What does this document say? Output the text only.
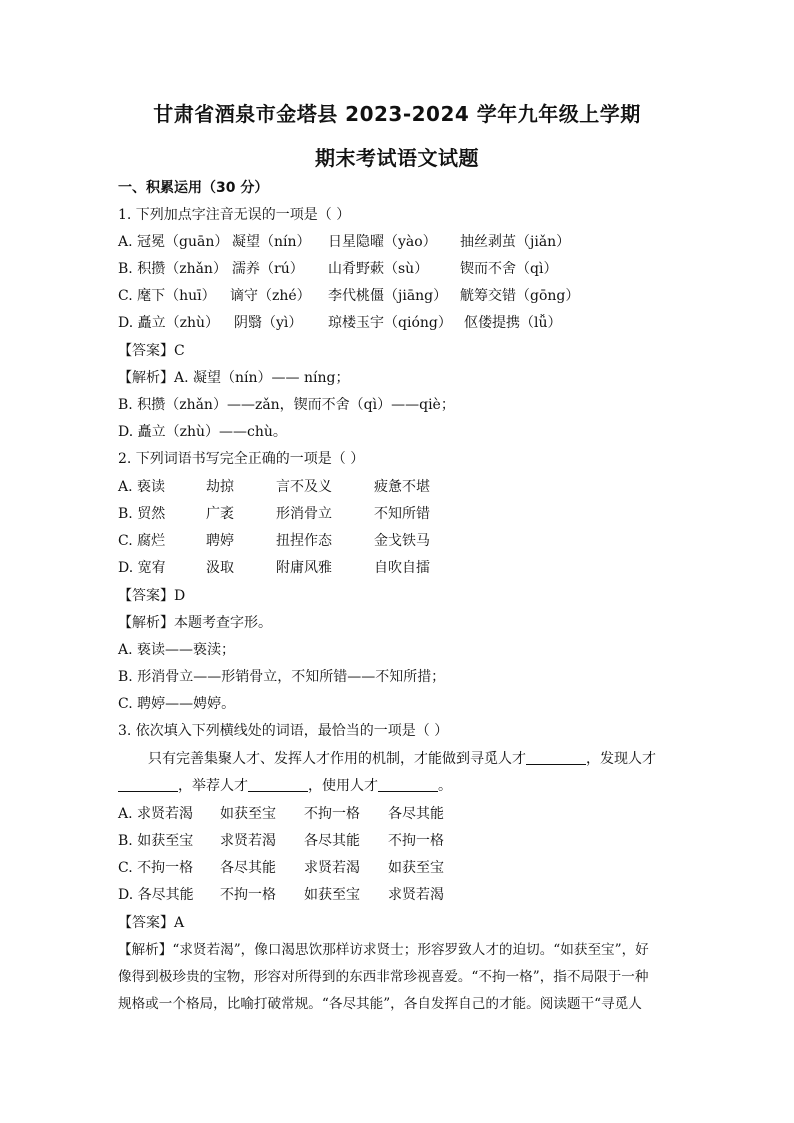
甘肃省酒泉市金塔县 2023-2024 学年九年级上学期
期末考试语文试题
一、积累运用（30 分）
1. 下列加点字注音无误的一项是（ ）
A. 冠冕（guān） 凝望（nín） 日星隐曜（yào） 抽丝剥茧（jiǎn）
B. 积攒（zhǎn） 濡养（rú） 山肴野蔌（sù） 锲而不舍（qì）
C. 麾下（huī） 谪守（zhé） 李代桃僵（jiāng） 觥筹交错（gōng）
D. 矗立（zhù） 阴翳（yì） 琼楼玉宇（qióng） 伛偻提携（lǚ）
【答案】C
【解析】A. 凝望（nín）—— níng；
B. 积攒（zhǎn）——zǎn，锲而不舍（qì）——qiè；
D. 矗立（zhù）——chù。
2. 下列词语书写完全正确的一项是（ ）
A. 亵读	劫掠	言不及义	疲惫不堪
B. 贸然	广袤	形消骨立	不知所错
C. 腐烂	聘婷	扭捏作态	金戈铁马
D. 宽宥	汲取	附庸风雅	自吹自擂
【答案】D
【解析】本题考查字形。
A. 亵读——亵渎；
B. 形消骨立——形销骨立，不知所错——不知所措；
C. 聘婷——娉婷。
3. 依次填入下列横线处的词语，最恰当的一项是（ ）
只有完善集聚人才、发挥人才作用的机制，才能做到寻觅人才	，发现人才
，举荐人才	，使用人才	。
A. 求贤若渴 如获至宝 不拘一格 各尽其能
B. 如获至宝 求贤若渴 各尽其能 不拘一格
C. 不拘一格 各尽其能 求贤若渴 如获至宝
D. 各尽其能 不拘一格 如获至宝 求贤若渴
【答案】A
【解析】“求贤若渴”，像口渴思饮那样访求贤士；形容罗致人才的迫切。“如获至宝”，好
像得到极珍贵的宝物，形容对所得到的东西非常珍视喜爱。“不拘一格”，指不局限于一种
规格或一个格局，比喻打破常规。“各尽其能”，各自发挥自己的才能。阅读题干“寻觅人
